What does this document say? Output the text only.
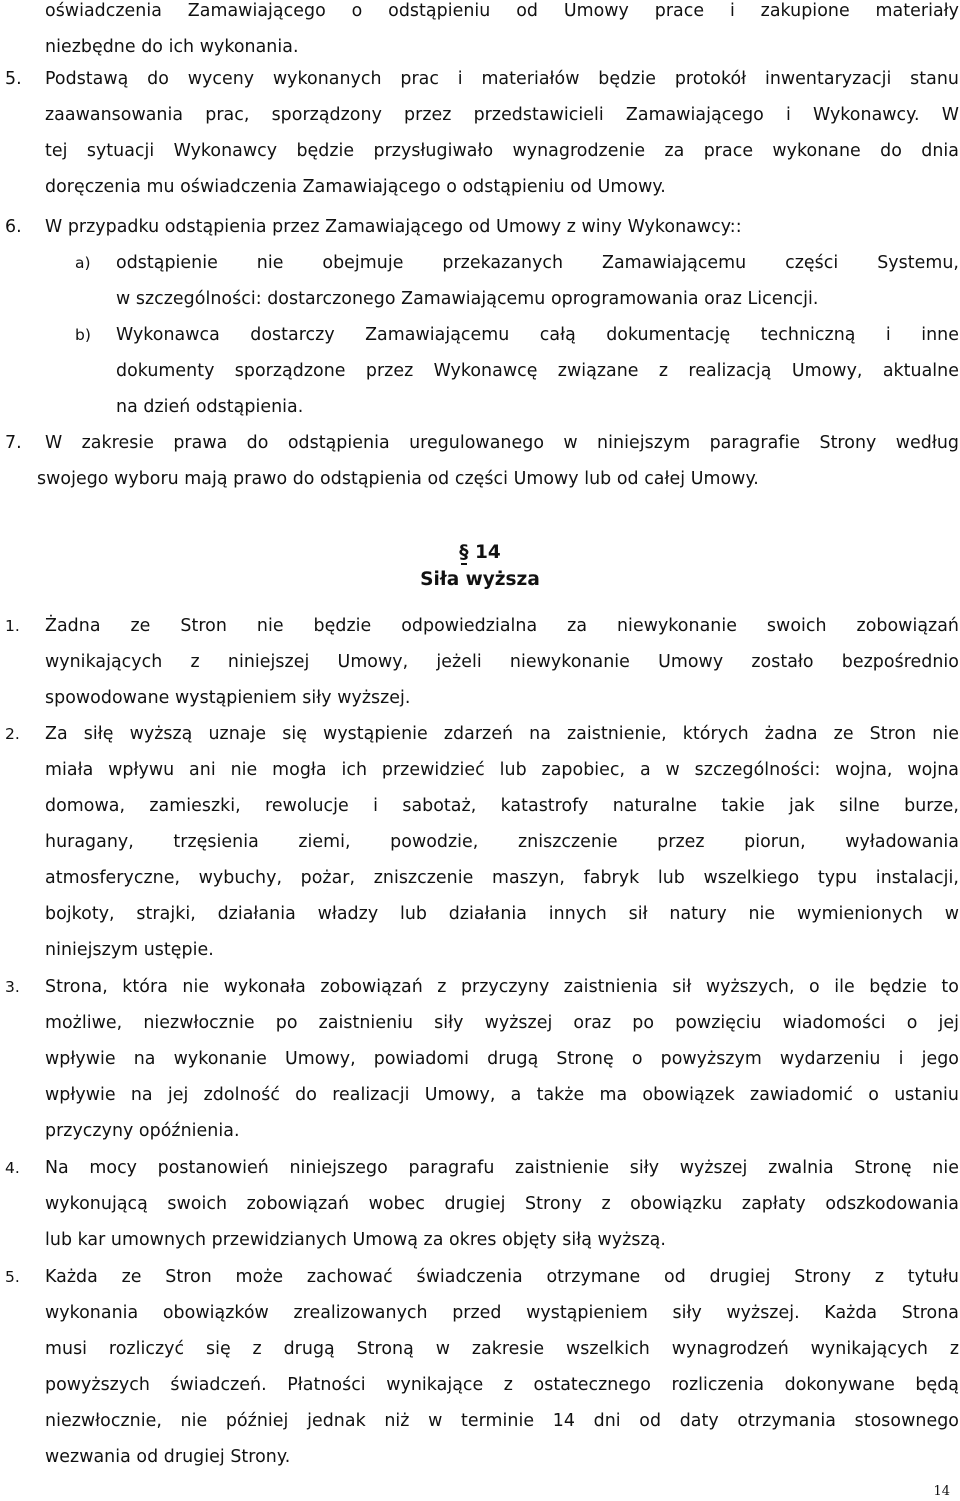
oświadczenia Zamawiającego o odstąpieniu od Umowy prace i zakupione materiały
niezbędne do ich wykonania.
5.	Podstawą do wyceny wykonanych prac i materiałów będzie protokół inwentaryzacji stanu
zaawansowania prac, sporządzony przez przedstawicieli Zamawiającego i Wykonawcy. W
tej sytuacji Wykonawcy będzie przysługiwało wynagrodzenie za prace wykonane do dnia
doręczenia mu oświadczenia Zamawiającego o odstąpieniu od Umowy.
6.	W przypadku odstąpienia przez Zamawiającego od Umowy z winy Wykonawcy::
a) odstąpienie nie obejmuje przekazanych Zamawiającemu części Systemu,
w szczególności: dostarczonego Zamawiającemu oprogramowania oraz Licencji.
b) Wykonawca dostarczy Zamawiającemu całą dokumentację techniczną i inne
dokumenty sporządzone przez Wykonawcę związane z realizacją Umowy, aktualne
na dzień odstąpienia.
7.	W zakresie prawa do odstąpienia uregulowanego w niniejszym paragrafie Strony według
swojego wyboru mają prawo do odstąpienia od części Umowy lub od całej Umowy.
§ 14
Siła wyższa
1.	Żadna ze Stron nie będzie odpowiedzialna za niewykonanie swoich zobowiązań
wynikających z niniejszej Umowy, jeżeli niewykonanie Umowy zostało bezpośrednio
spowodowane wystąpieniem siły wyższej.
2.	Za siłę wyższą uznaje się wystąpienie zdarzeń na zaistnienie, których żadna ze Stron nie
miała wpływu ani nie mogła ich przewidzieć lub zapobiec, a w szczególności: wojna, wojna
domowa, zamieszki, rewolucje i sabotaż, katastrofy naturalne takie jak silne burze,
huragany, trzęsienia ziemi, powodzie, zniszczenie przez piorun, wyładowania
atmosferyczne, wybuchy, pożar, zniszczenie maszyn, fabryk lub wszelkiego typu instalacji,
bojkoty, strajki, działania władzy lub działania innych sił natury nie wymienionych w
niniejszym ustępie.
3.	Strona, która nie wykonała zobowiązań z przyczyny zaistnienia sił wyższych, o ile będzie to
możliwe, niezwłocznie po zaistnieniu siły wyższej oraz po powzięciu wiadomości o jej
wpływie na wykonanie Umowy, powiadomi drugą Stronę o powyższym wydarzeniu i jego
wpływie na jej zdolność do realizacji Umowy, a także ma obowiązek zawiadomić o ustaniu
przyczyny opóźnienia.
4.	Na mocy postanowień niniejszego paragrafu zaistnienie siły wyższej zwalnia Stronę nie
wykonującą swoich zobowiązań wobec drugiej Strony z obowiązku zapłaty odszkodowania
lub kar umownych przewidzianych Umową za okres objęty siłą wyższą.
5.	Każda ze Stron może zachować świadczenia otrzymane od drugiej Strony z tytułu
wykonania obowiązków zrealizowanych przed wystąpieniem siły wyższej. Każda Strona
musi rozliczyć się z drugą Stroną w zakresie wszelkich wynagrodzeń wynikających z
powyższych świadczeń. Płatności wynikające z ostatecznego rozliczenia dokonywane będą
niezwłocznie, nie później jednak niż w terminie 14 dni od daty otrzymania stosownego
wezwania od drugiej Strony.
14
